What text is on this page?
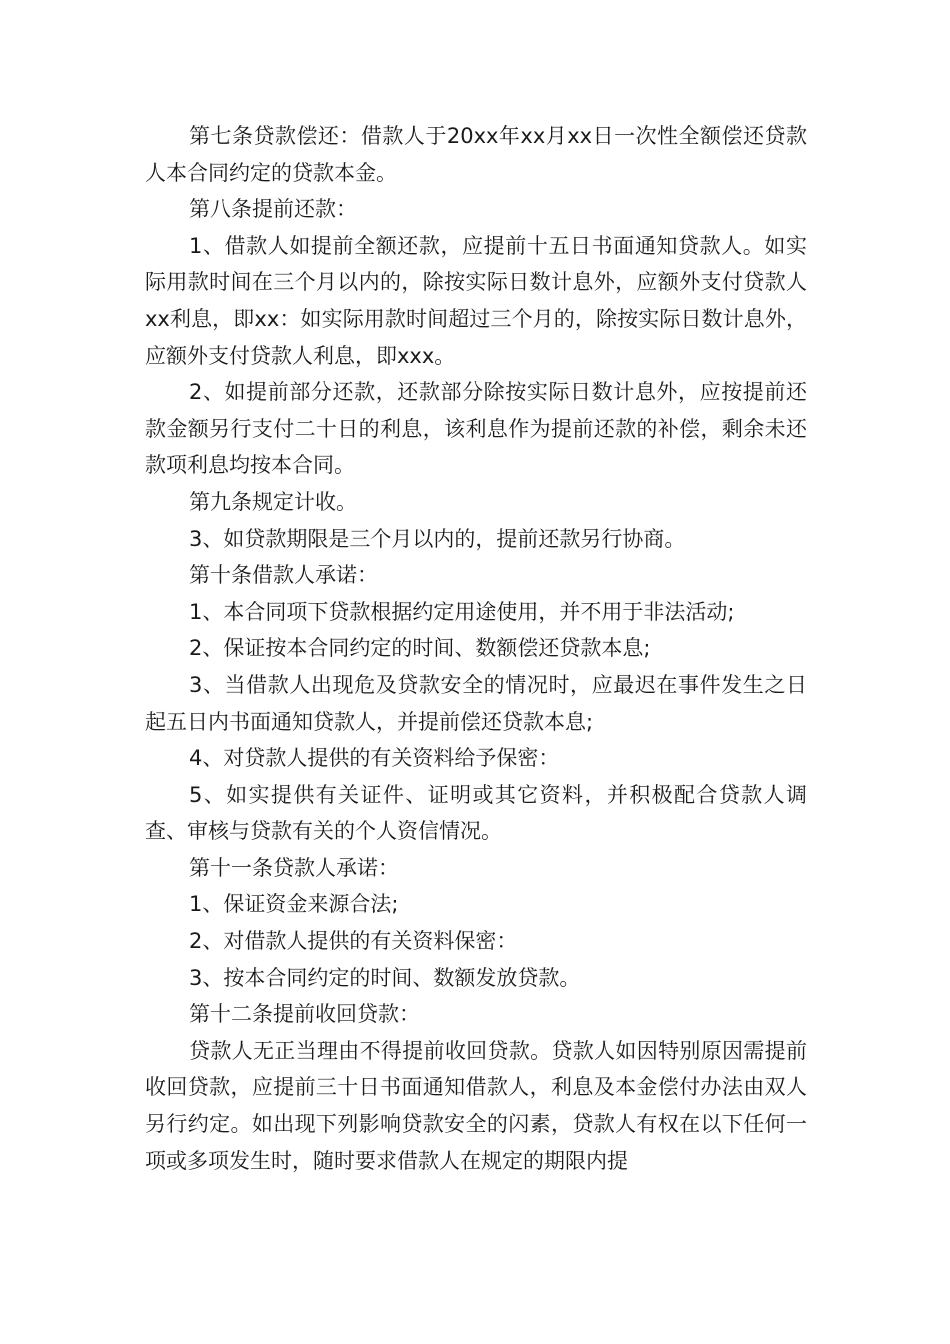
第七条贷款偿还：借款人于20xx年xx月xx日一次性全额偿还贷款人本合同约定的贷款本金。

第八条提前还款：

1、借款人如提前全额还款，应提前十五日书面通知贷款人。如实际用款时间在三个月以内的，除按实际日数计息外，应额外支付贷款人xx利息，即xx：如实际用款时间超过三个月的，除按实际日数计息外，应额外支付贷款人利息，即xxx。

2、如提前部分还款，还款部分除按实际日数计息外，应按提前还款金额另行支付二十日的利息，该利息作为提前还款的补偿，剩余未还款项利息均按本合同。

第九条规定计收。

3、如贷款期限是三个月以内的，提前还款另行协商。

第十条借款人承诺：

1、本合同项下贷款根据约定用途使用，并不用于非法活动;

2、保证按本合同约定的时间、数额偿还贷款本息;

3、当借款人出现危及贷款安全的情况时，应最迟在事件发生之日起五日内书面通知贷款人，并提前偿还贷款本息;

4、对贷款人提供的有关资料给予保密：

5、如实提供有关证件、证明或其它资料，并积极配合贷款人调查、审核与贷款有关的个人资信情况。

第十一条贷款人承诺：

1、保证资金来源合法;

2、对借款人提供的有关资料保密：

3、按本合同约定的时间、数额发放贷款。

第十二条提前收回贷款：

贷款人无正当理由不得提前收回贷款。贷款人如因特别原因需提前收回贷款，应提前三十日书面通知借款人，利息及本金偿付办法由双人另行约定。如出现下列影响贷款安全的闪素，贷款人有权在以下任何一项或多项发生时，随时要求借款人在规定的期限内提
